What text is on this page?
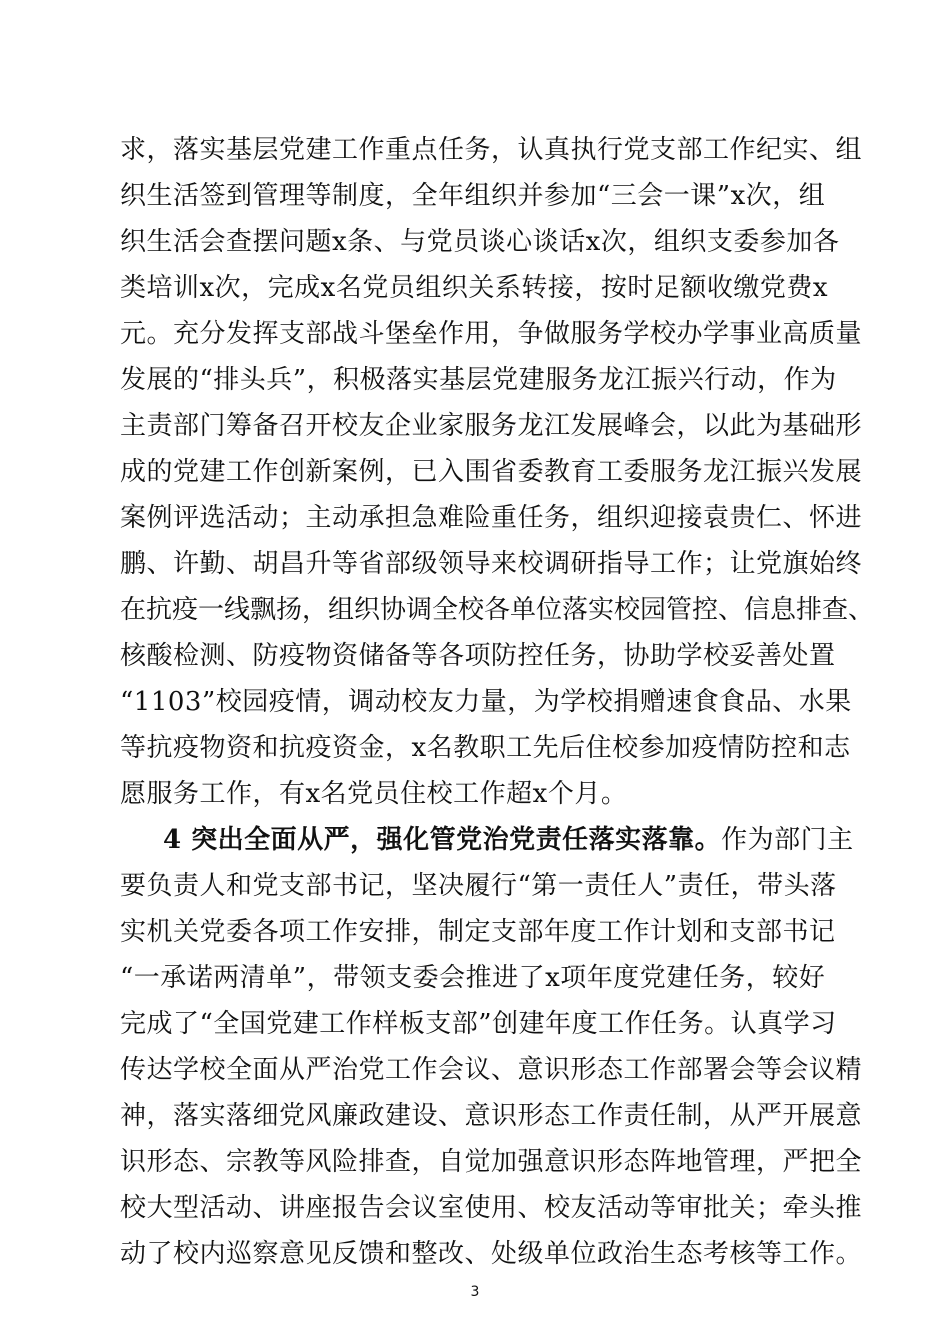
求，落实基层党建工作重点任务，认真执行党支部工作纪实、组
织生活签到管理等制度，全年组织并参加“三会一课”x次，组
织生活会查摆问题x条、与党员谈心谈话x次，组织支委参加各
类培训x次，完成x名党员组织关系转接，按时足额收缴党费x
元。充分发挥支部战斗堡垒作用，争做服务学校办学事业高质量
发展的“排头兵”，积极落实基层党建服务龙江振兴行动，作为
主责部门筹备召开校友企业家服务龙江发展峰会，以此为基础形
成的党建工作创新案例，已入围省委教育工委服务龙江振兴发展
案例评选活动；主动承担急难险重任务，组织迎接袁贵仁、怀进
鹏、许勤、胡昌升等省部级领导来校调研指导工作；让党旗始终
在抗疫一线飘扬，组织协调全校各单位落实校园管控、信息排查、
核酸检测、防疫物资储备等各项防控任务，协助学校妥善处置
“1103”校园疫情，调动校友力量，为学校捐赠速食食品、水果
等抗疫物资和抗疫资金，x名教职工先后住校参加疫情防控和志
愿服务工作，有x名党员住校工作超x个月。
4 突出全面从严，强化管党治党责任落实落靠。作为部门主
要负责人和党支部书记，坚决履行“第一责任人”责任，带头落
实机关党委各项工作安排，制定支部年度工作计划和支部书记
“一承诺两清单”，带领支委会推进了x项年度党建任务，较好
完成了“全国党建工作样板支部”创建年度工作任务。认真学习
传达学校全面从严治党工作会议、意识形态工作部署会等会议精
神，落实落细党风廉政建设、意识形态工作责任制，从严开展意
识形态、宗教等风险排查，自觉加强意识形态阵地管理，严把全
校大型活动、讲座报告会议室使用、校友活动等审批关；牵头推
动了校内巡察意见反馈和整改、处级单位政治生态考核等工作。
3
